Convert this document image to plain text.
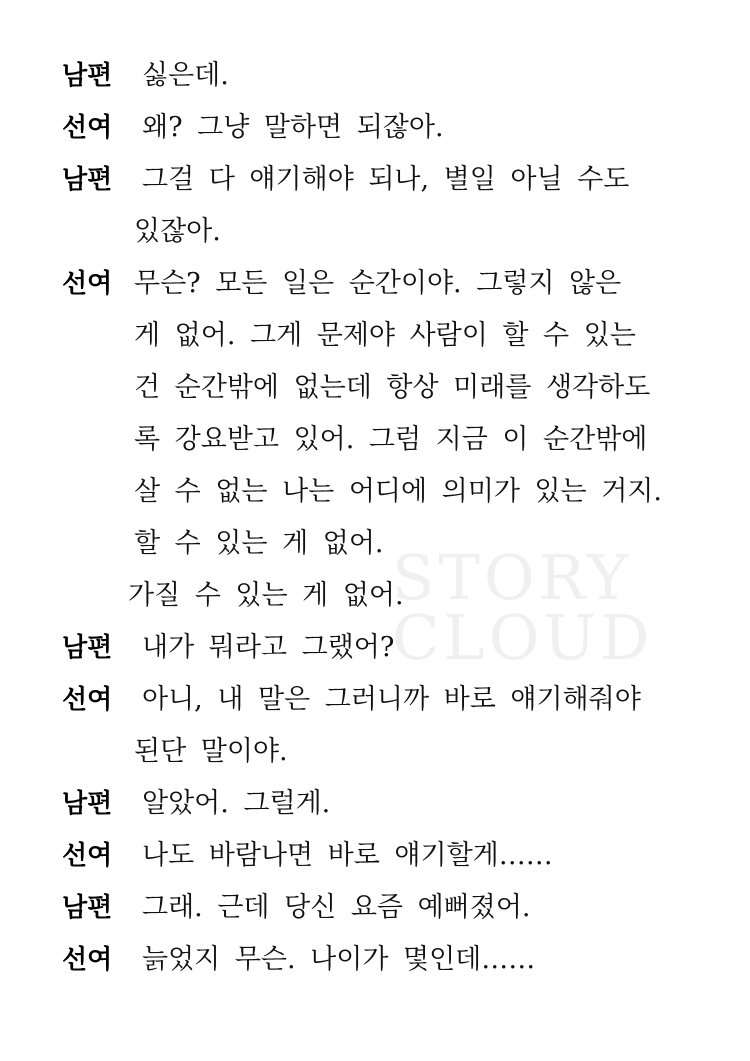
STORY
CLOUD
남편	싫은데.
선여	왜? 그냥 말하면 되잖아.
남편	그걸 다 얘기해야 되나, 별일 아닐 수도
있잖아.
선여 무슨? 모든 일은 순간이야. 그렇지 않은
게 없어. 그게 문제야 사람이 할 수 있는
건 순간밖에 없는데 항상 미래를 생각하도
록 강요받고 있어. 그럼 지금 이 순간밖에
살 수 없는 나는 어디에 의미가 있는 거지.
할 수 있는 게 없어.
가질 수 있는 게 없어.
남편	내가 뭐라고 그랬어?
선여	아니, 내 말은 그러니까 바로 얘기해줘야
된단 말이야.
남편	알았어. 그럴게.
선여	나도 바람나면 바로 얘기할게……
남편	그래. 근데 당신 요즘 예뻐졌어.
선여	늙었지 무슨. 나이가 몇인데……
